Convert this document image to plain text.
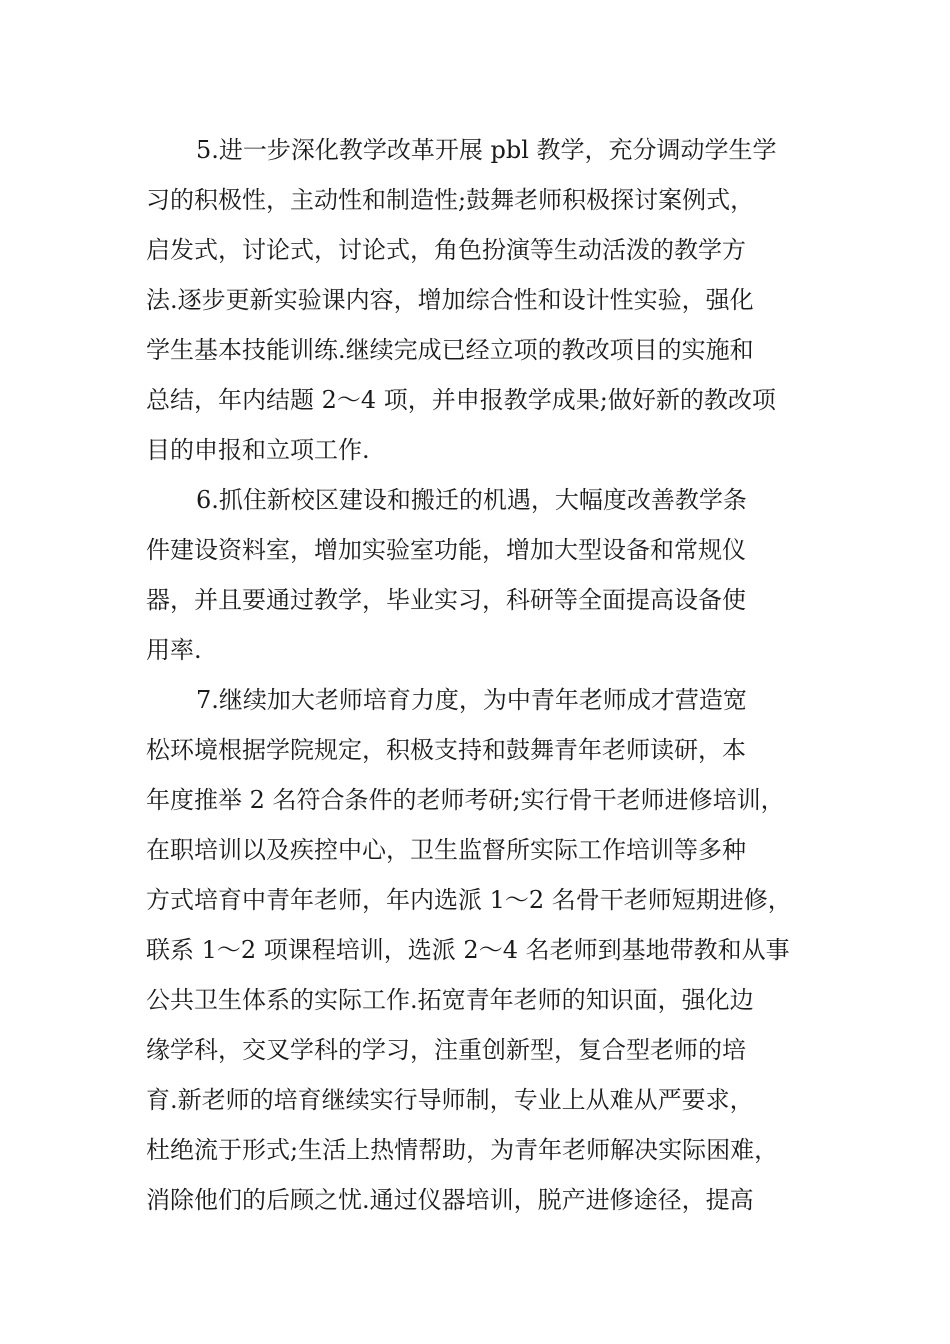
5.进一步深化教学改革开展 pbl 教学，充分调动学生学
习的积极性，主动性和制造性;鼓舞老师积极探讨案例式，
启发式，讨论式，讨论式，角色扮演等生动活泼的教学方
法.逐步更新实验课内容，增加综合性和设计性实验，强化
学生基本技能训练.继续完成已经立项的教改项目的实施和
总结，年内结题 2～4 项，并申报教学成果;做好新的教改项
目的申报和立项工作.
6.抓住新校区建设和搬迁的机遇，大幅度改善教学条
件建设资料室，增加实验室功能，增加大型设备和常规仪
器，并且要通过教学，毕业实习，科研等全面提高设备使
用率.
7.继续加大老师培育力度，为中青年老师成才营造宽
松环境根据学院规定，积极支持和鼓舞青年老师读研，本
年度推举 2 名符合条件的老师考研;实行骨干老师进修培训，
在职培训以及疾控中心，卫生监督所实际工作培训等多种
方式培育中青年老师，年内选派 1～2 名骨干老师短期进修，
联系 1～2 项课程培训，选派 2～4 名老师到基地带教和从事
公共卫生体系的实际工作.拓宽青年老师的知识面，强化边
缘学科，交叉学科的学习，注重创新型，复合型老师的培
育.新老师的培育继续实行导师制，专业上从难从严要求，
杜绝流于形式;生活上热情帮助，为青年老师解决实际困难，
消除他们的后顾之忧.通过仪器培训，脱产进修途径，提高
